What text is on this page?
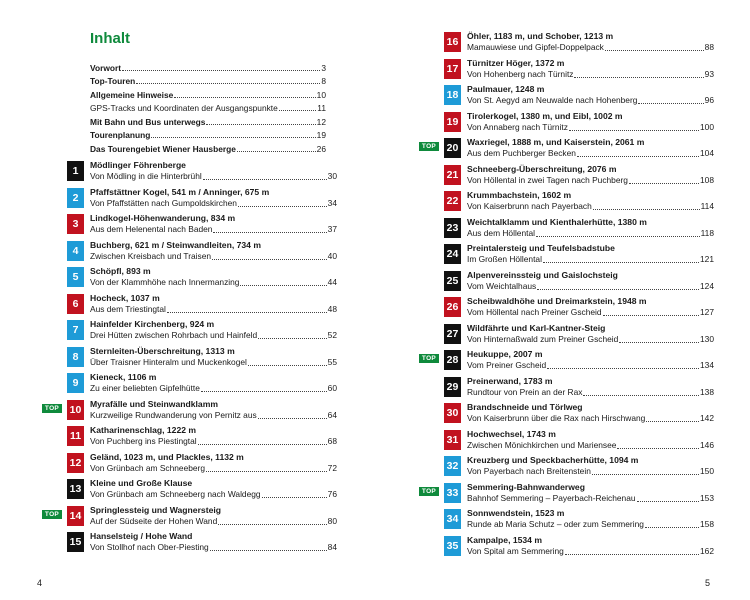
Inhalt
Vorwort	3
Top-Touren	8
Allgemeine Hinweise	10
GPS-Tracks und Koordinaten der Ausgangspunkte	11
Mit Bahn und Bus unterwegs	12
Tourenplanung	19
Das Tourengebiet Wiener Hausberge	26
1	Mödlinger Föhrenberge
Von Mödling in die Hinterbrühl	30
2	Pfaffstättner Kogel, 541 m / Anninger, 675 m
Von Pfaffstätten nach Gumpoldskirchen	34
3	Lindkogel-Höhenwanderung, 834 m
Aus dem Helenental nach Baden	37
4	Buchberg, 621 m / Steinwandleiten, 734 m
Zwischen Kreisbach und Traisen	40
5	Schöpfl, 893 m
Von der Klammhöhe nach Innermanzing	44
6	Hocheck, 1037 m
Aus dem Triestingtal	48
7	Hainfelder Kirchenberg, 924 m
Drei Hütten zwischen Rohrbach und Hainfeld	52
8	Sternleiten-Überschreitung, 1313 m
Über Traisner Hinteralm und Muckenkogel	55
9	Kieneck, 1106 m
Zu einer beliebten Gipfelhütte	60
TOP 10	Myrafälle und Steinwandklamm
Kurzweilige Rundwanderung von Pernitz aus	64
11	Katharinenschlag, 1222 m
Von Puchberg ins Piestingtal	68
12	Geländ, 1023 m, und Plackles, 1132 m
Von Grünbach am Schneeberg	72
13	Kleine und Große Klause
Von Grünbach am Schneeberg nach Waldegg	76
TOP 14	Springlessteig und Wagnersteig
Auf der Südseite der Hohen Wand	80
15	Hanselsteig / Hohe Wand
Von Stollhof nach Ober-Piesting	84
4
16	Öhler, 1183 m, und Schober, 1213 m
Mamauwiese und Gipfel-Doppelpack	88
17	Türnitzer Höger, 1372 m
Von Hohenberg nach Türnitz	93
18	Paulmauer, 1248 m
Von St. Aegyd am Neuwalde nach Hohenberg	96
19	Tirolerkogel, 1380 m, und Eibl, 1002 m
Von Annaberg nach Türnitz	100
TOP 20	Waxriegel, 1888 m, und Kaiserstein, 2061 m
Aus dem Puchberger Becken	104
21	Schneeberg-Überschreitung, 2076 m
Von Höllental in zwei Tagen nach Puchberg	108
22	Krummbachstein, 1602 m
Von Kaiserbrunn nach Payerbach	114
23	Weichtalklamm und Kienthalerhütte, 1380 m
Aus dem Höllental	118
24	Preintalersteig und Teufelsbadstube
Im Großen Höllental	121
25	Alpenvereinssteig und Gaislochsteig
Vom Weichtalhaus	124
26	Scheibwaldhöhe und Dreimarkstein, 1948 m
Vom Höllental nach Preiner Gscheid	127
27	Wildfährte und Karl-Kantner-Steig
Von Hinternaßwald zum Preiner Gscheid	130
TOP 28	Heukuppe, 2007 m
Vom Preiner Gscheid	134
29	Preinerwand, 1783 m
Rundtour von Prein an der Rax	138
30	Brandschneide und Törlweg
Von Kaiserbrunn über die Rax nach Hirschwang	142
31	Hochwechsel, 1743 m
Zwischen Mönichkirchen und Mariensee	146
32	Kreuzberg und Speckbacherhütte, 1094 m
Von Payerbach nach Breitenstein	150
TOP 33	Semmering-Bahnwanderweg
Bahnhof Semmering – Payerbach-Reichenau	153
34	Sonnwendstein, 1523 m
Runde ab Maria Schutz – oder zum Semmering	158
35	Kampalpe, 1534 m
Von Spital am Semmering	162
5
